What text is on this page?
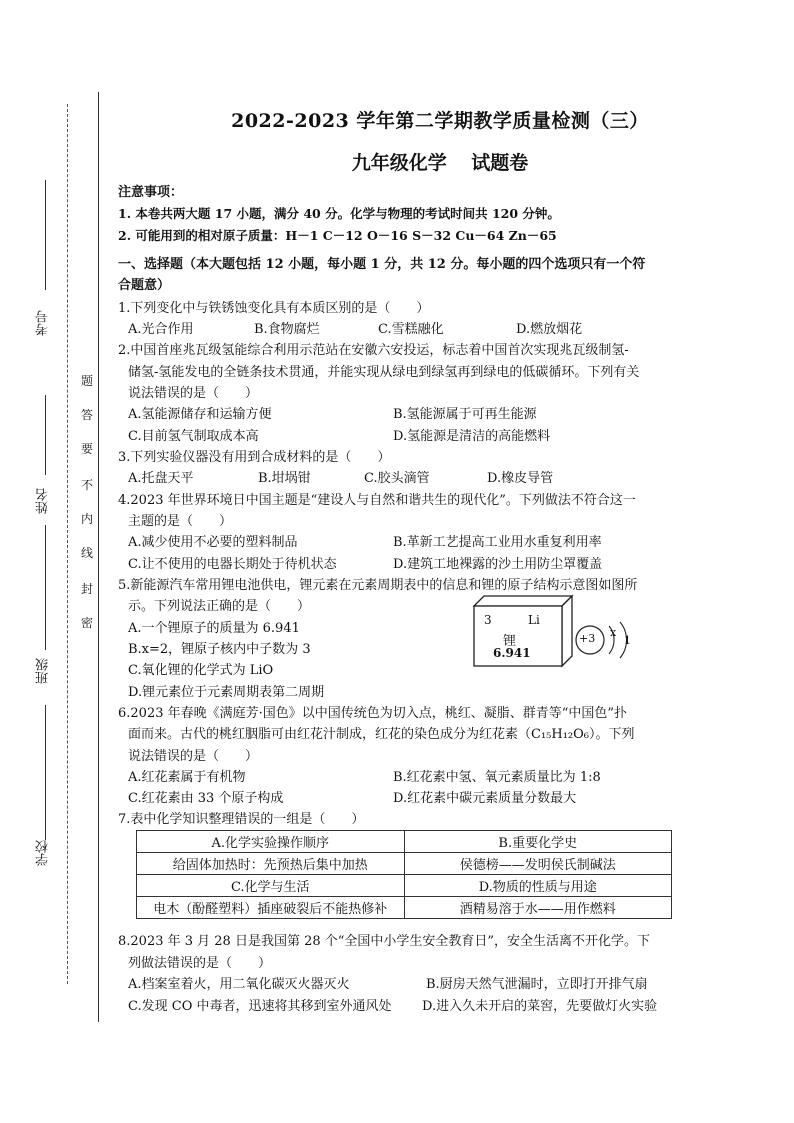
题
答
要
不
内
线
封
密
考号
姓名
班级
学校
2022-2023 学年第二学期教学质量检测（三）
九年级化学 试题卷
注意事项：
1. 本卷共两大题 17 小题，满分 40 分。化学与物理的考试时间共 120 分钟。
2. 可能用到的相对原子质量：H－1 C－12 O－16 S－32 Cu－64 Zn－65
一、选择题（本大题包括 12 小题，每小题 1 分，共 12 分。每小题的四个选项只有一个符
合题意）
1.下列变化中与铁锈蚀变化具有本质区别的是（　　）
A.光合作用	B.食物腐烂	C.雪糕融化	D.燃放烟花
2.中国首座兆瓦级氢能综合利用示范站在安徽六安投运，标志着中国首次实现兆瓦级制氢-
储氢-氢能发电的全链条技术贯通，并能实现从绿电到绿氢再到绿电的低碳循环。下列有关
说法错误的是（　　）
A.氢能源储存和运输方便	B.氢能源属于可再生能源
C.目前氢气制取成本高	D.氢能源是清洁的高能燃料
3.下列实验仪器没有用到合成材料的是（　　）
A.托盘天平	B.坩埚钳	C.胶头滴管	D.橡皮导管
4.2023 年世界环境日中国主题是“建设人与自然和谐共生的现代化”。下列做法不符合这一
主题的是（　　）
A.减少使用不必要的塑料制品	B.革新工艺提高工业用水重复利用率
C.让不使用的电器长期处于待机状态	D.建筑工地裸露的沙土用防尘罩覆盖
5.新能源汽车常用锂电池供电，锂元素在元素周期表中的信息和锂的原子结构示意图如图所
示。下列说法正确的是（　　）
A.一个锂原子的质量为 6.941
B.x=2，锂原子核内中子数为 3
C.氧化锂的化学式为 LiO
D.锂元素位于元素周期表第二周期
3	Li
锂
6.941
+3 x
1
6.2023 年春晚《满庭芳·国色》以中国传统色为切入点，桃红、凝脂、群青等“中国色”扑
面而来。古代的桃红胭脂可由红花汁制成，红花的染色成分为红花素（C₁₅H₁₂O₆）。下列
说法错误的是（　　）
A.红花素属于有机物	B.红花素中氢、氧元素质量比为 1:8
C.红花素由 33 个原子构成	D.红花素中碳元素质量分数最大
7.表中化学知识整理错误的一组是（　　）
A.化学实验操作顺序	B.重要化学史
给固体加热时：先预热后集中加热	侯德榜——发明侯氏制碱法
C.化学与生活	D.物质的性质与用途
电木（酚醛塑料）插座破裂后不能热修补	酒精易溶于水——用作燃料
8.2023 年 3 月 28 日是我国第 28 个“全国中小学生安全教育日”，安全生活离不开化学。下
列做法错误的是（　　）
A.档案室着火，用二氧化碳灭火器灭火	B.厨房天然气泄漏时，立即打开排气扇
C.发现 CO 中毒者，迅速将其移到室外通风处 D.进入久未开启的菜窖，先要做灯火实验
